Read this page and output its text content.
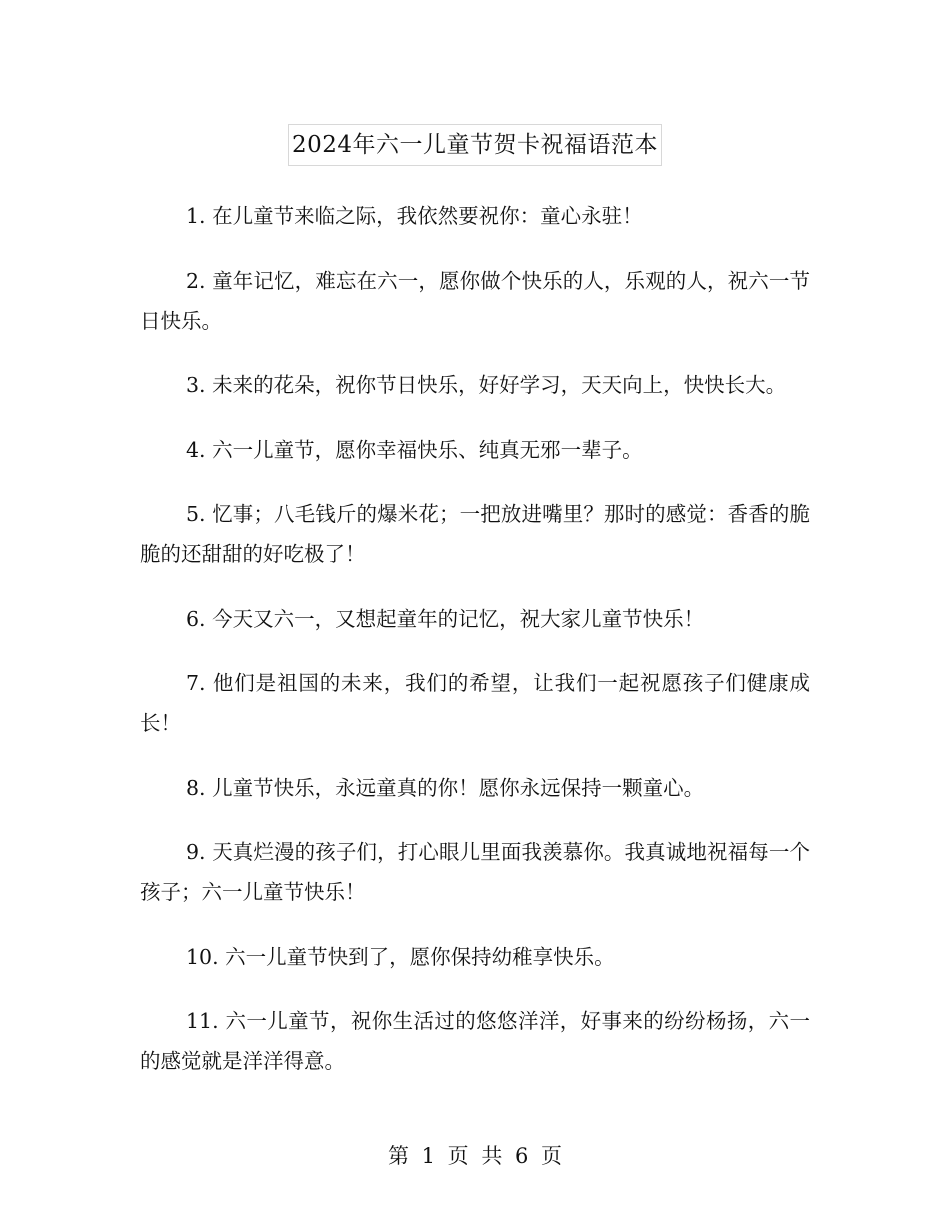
2024年六一儿童节贺卡祝福语范本

1. 在儿童节来临之际，我依然要祝你：童心永驻！

2. 童年记忆，难忘在六一，愿你做个快乐的人，乐观的人，祝六一节日快乐。

3. 未来的花朵，祝你节日快乐，好好学习，天天向上，快快长大。

4. 六一儿童节，愿你幸福快乐、纯真无邪一辈子。

5. 忆事；八毛钱斤的爆米花；一把放进嘴里？那时的感觉：香香的脆脆的还甜甜的好吃极了！

6. 今天又六一，又想起童年的记忆，祝大家儿童节快乐！

7. 他们是祖国的未来，我们的希望，让我们一起祝愿孩子们健康成长！

8. 儿童节快乐，永远童真的你！愿你永远保持一颗童心。

9. 天真烂漫的孩子们，打心眼儿里面我羡慕你。我真诚地祝福每一个孩子；六一儿童节快乐！

10. 六一儿童节快到了，愿你保持幼稚享快乐。

11. 六一儿童节，祝你生活过的悠悠洋洋，好事来的纷纷杨扬，六一的感觉就是洋洋得意。

第 1 页 共 6 页
